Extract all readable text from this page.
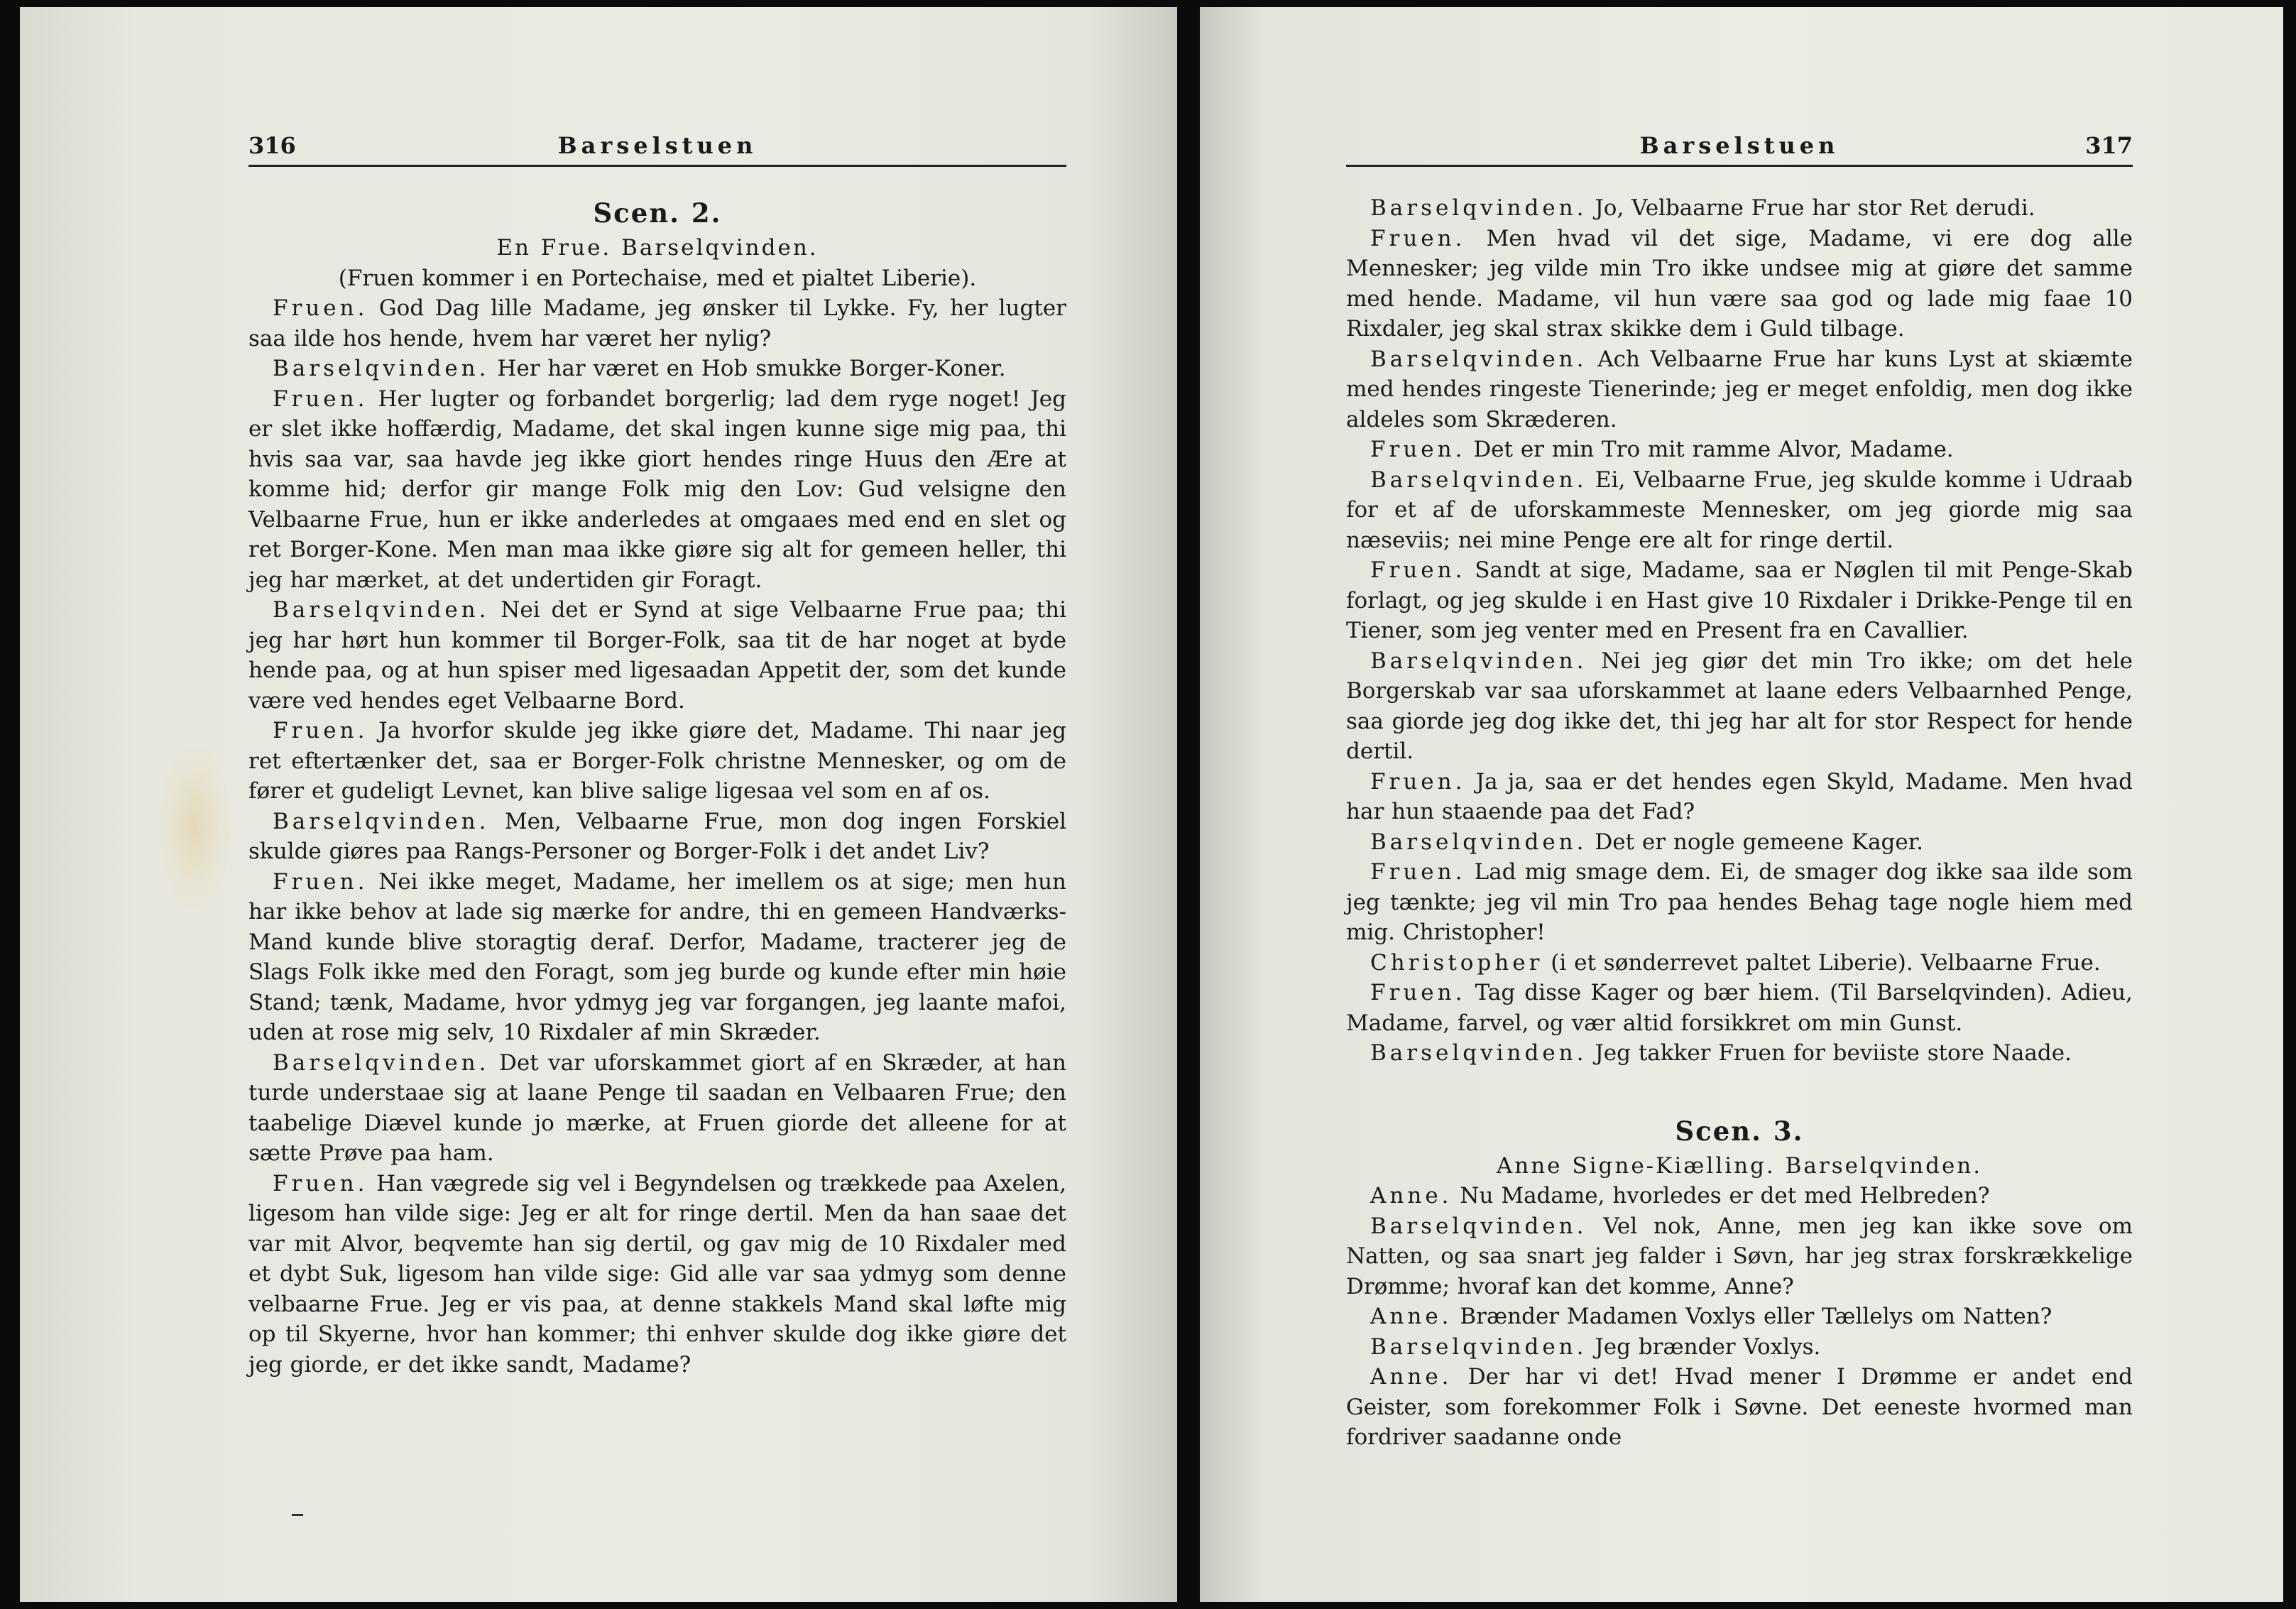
316	Barselstuen

Scen. 2.

En Frue. Barselqvinden.

(Fruen kommer i en Portechaise, med et pialtet Liberie).

Fruen. God Dag lille Madame, jeg ønsker til Lykke. Fy, her lugter saa ilde hos hende, hvem har været her nylig?

Barselqvinden. Her har været en Hob smukke Borger-Koner.

Fruen. Her lugter og forbandet borgerlig; lad dem ryge noget! Jeg er slet ikke hoffærdig, Madame, det skal ingen kunne sige mig paa, thi hvis saa var, saa havde jeg ikke giort hendes ringe Huus den Ære at komme hid; derfor gir mange Folk mig den Lov: Gud velsigne den Velbaarne Frue, hun er ikke anderledes at omgaaes med end en slet og ret Borger-Kone. Men man maa ikke giøre sig alt for gemeen heller, thi jeg har mærket, at det undertiden gir Foragt.

Barselqvinden. Nei det er Synd at sige Velbaarne Frue paa; thi jeg har hørt hun kommer til Borger-Folk, saa tit de har noget at byde hende paa, og at hun spiser med ligesaadan Appetit der, som det kunde være ved hendes eget Velbaarne Bord.

Fruen. Ja hvorfor skulde jeg ikke giøre det, Madame. Thi naar jeg ret eftertænker det, saa er Borger-Folk christne Mennesker, og om de fører et gudeligt Levnet, kan blive salige ligesaa vel som en af os.

Barselqvinden. Men, Velbaarne Frue, mon dog ingen Forskiel skulde giøres paa Rangs-Personer og Borger-Folk i det andet Liv?

Fruen. Nei ikke meget, Madame, her imellem os at sige; men hun har ikke behov at lade sig mærke for andre, thi en gemeen Handværks-Mand kunde blive storagtig deraf. Derfor, Madame, tracterer jeg de Slags Folk ikke med den Foragt, som jeg burde og kunde efter min høie Stand; tænk, Madame, hvor ydmyg jeg var forgangen, jeg laante mafoi, uden at rose mig selv, 10 Rixdaler af min Skræder.

Barselqvinden. Det var uforskammet giort af en Skræder, at han turde understaae sig at laane Penge til saadan en Velbaaren Frue; den taabelige Diævel kunde jo mærke, at Fruen giorde det alleene for at sætte Prøve paa ham.

Fruen. Han vægrede sig vel i Begyndelsen og trækkede paa Axelen, ligesom han vilde sige: Jeg er alt for ringe dertil. Men da han saae det var mit Alvor, beqvemte han sig dertil, og gav mig de 10 Rixdaler med et dybt Suk, ligesom han vilde sige: Gid alle var saa ydmyg som denne velbaarne Frue. Jeg er vis paa, at denne stakkels Mand skal løfte mig op til Skyerne, hvor han kommer; thi enhver skulde dog ikke giøre det jeg giorde, er det ikke sandt, Madame?

Barselstuen	317

Barselqvinden. Jo, Velbaarne Frue har stor Ret derudi.

Fruen. Men hvad vil det sige, Madame, vi ere dog alle Mennesker; jeg vilde min Tro ikke undsee mig at giøre det samme med hende. Madame, vil hun være saa god og lade mig faae 10 Rixdaler, jeg skal strax skikke dem i Guld tilbage.

Barselqvinden. Ach Velbaarne Frue har kuns Lyst at skiæmte med hendes ringeste Tienerinde; jeg er meget enfoldig, men dog ikke aldeles som Skræderen.

Fruen. Det er min Tro mit ramme Alvor, Madame.

Barselqvinden. Ei, Velbaarne Frue, jeg skulde komme i Udraab for et af de uforskammeste Mennesker, om jeg giorde mig saa næseviis; nei mine Penge ere alt for ringe dertil.

Fruen. Sandt at sige, Madame, saa er Nøglen til mit Penge-Skab forlagt, og jeg skulde i en Hast give 10 Rixdaler i Drikke-Penge til en Tiener, som jeg venter med en Present fra en Cavallier.

Barselqvinden. Nei jeg giør det min Tro ikke; om det hele Borgerskab var saa uforskammet at laane eders Velbaarnhed Penge, saa giorde jeg dog ikke det, thi jeg har alt for stor Respect for hende dertil.

Fruen. Ja ja, saa er det hendes egen Skyld, Madame. Men hvad har hun staaende paa det Fad?

Barselqvinden. Det er nogle gemeene Kager.

Fruen. Lad mig smage dem. Ei, de smager dog ikke saa ilde som jeg tænkte; jeg vil min Tro paa hendes Behag tage nogle hiem med mig. Christopher!

Christopher (i et sønderrevet paltet Liberie). Velbaarne Frue.

Fruen. Tag disse Kager og bær hiem. (Til Barselqvinden). Adieu, Madame, farvel, og vær altid forsikkret om min Gunst.

Barselqvinden. Jeg takker Fruen for beviiste store Naade.

Scen. 3.

Anne Signe-Kiælling. Barselqvinden.

Anne. Nu Madame, hvorledes er det med Helbreden?

Barselqvinden. Vel nok, Anne, men jeg kan ikke sove om Natten, og saa snart jeg falder i Søvn, har jeg strax forskrækkelige Drømme; hvoraf kan det komme, Anne?

Anne. Brænder Madamen Voxlys eller Tællelys om Natten?

Barselqvinden. Jeg brænder Voxlys.

Anne. Der har vi det! Hvad mener I Drømme er andet end Geister, som forekommer Folk i Søvne. Det eeneste hvormed man fordriver saadanne onde
